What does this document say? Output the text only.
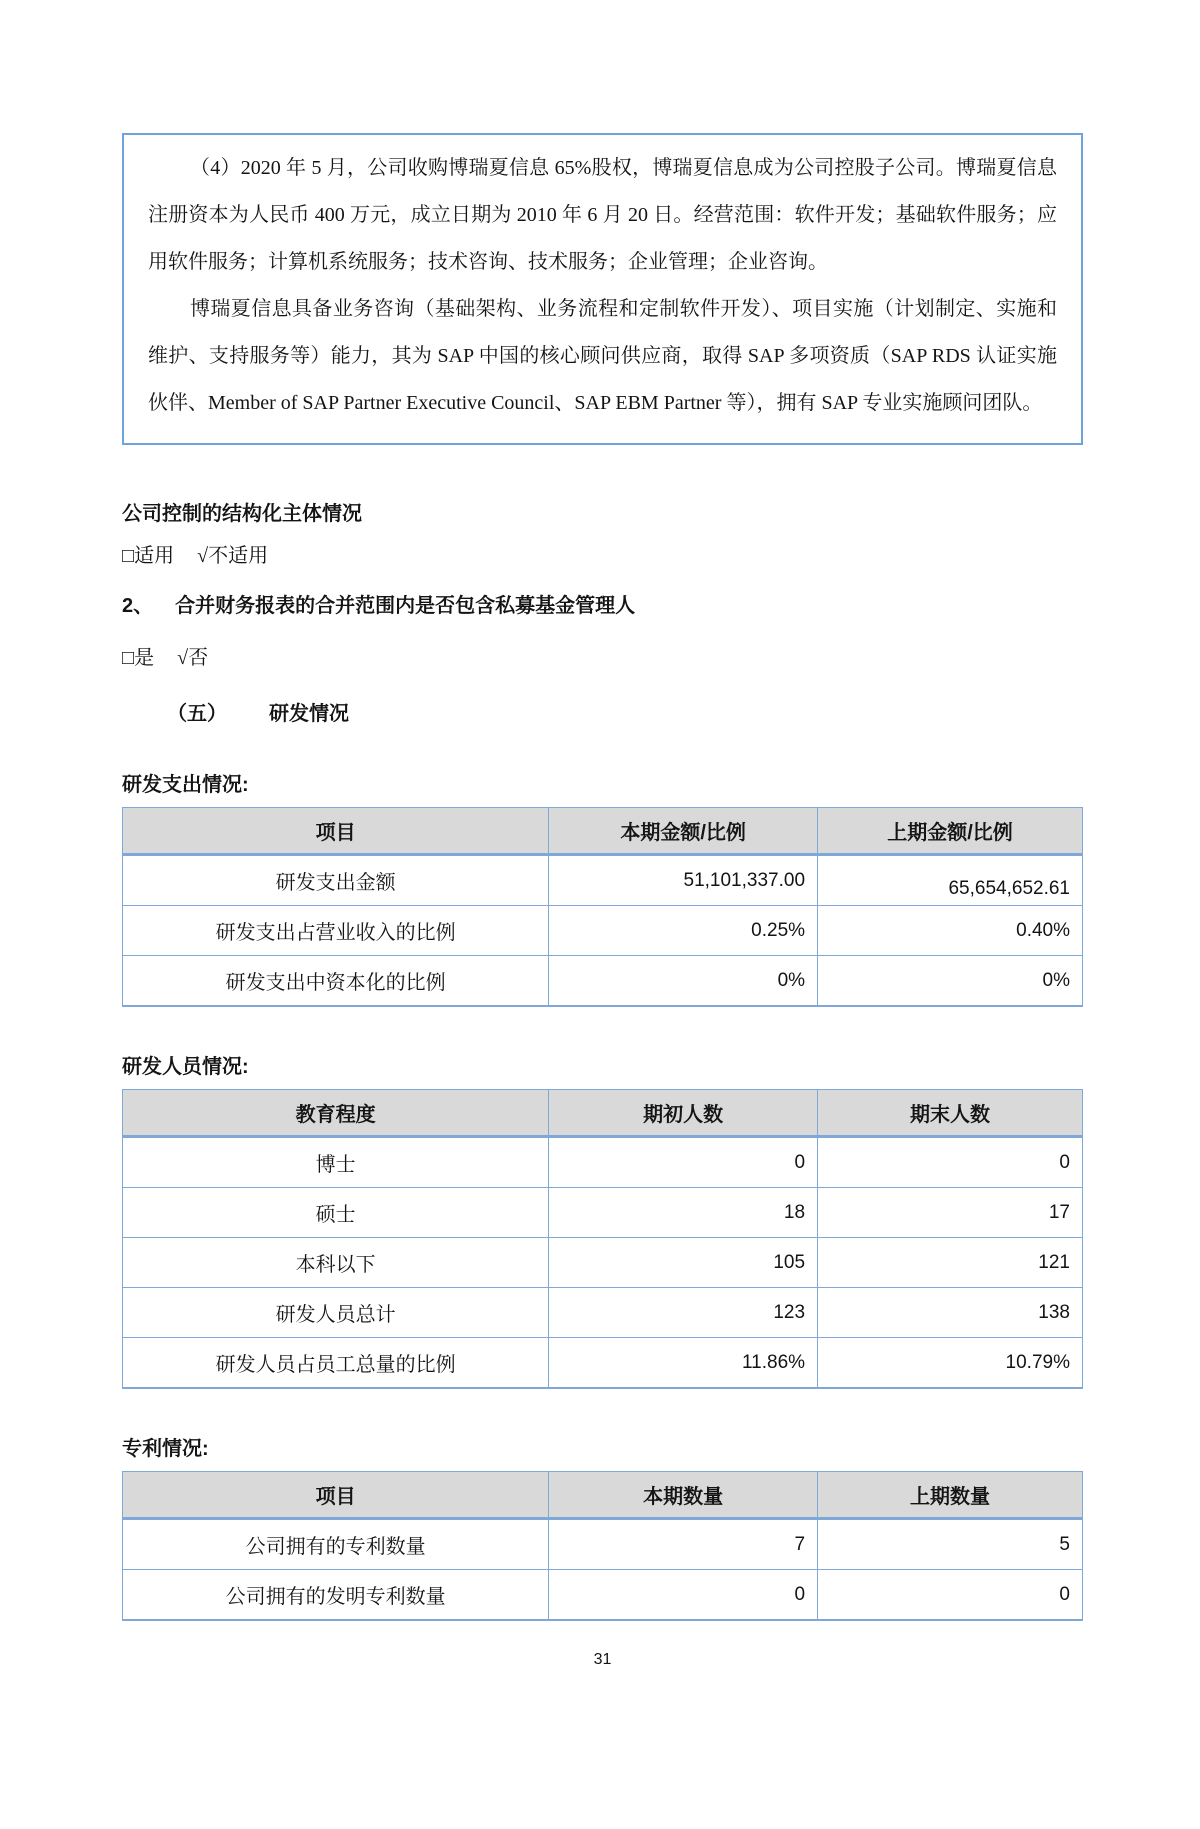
（4）2020 年 5 月，公司收购博瑞夏信息 65%股权，博瑞夏信息成为公司控股子公司。博瑞夏信息注册资本为人民币 400 万元，成立日期为 2010 年 6 月 20 日。经营范围：软件开发；基础软件服务；应用软件服务；计算机系统服务；技术咨询、技术服务；企业管理；企业咨询。

博瑞夏信息具备业务咨询（基础架构、业务流程和定制软件开发）、项目实施（计划制定、实施和维护、支持服务等）能力，其为 SAP 中国的核心顾问供应商，取得 SAP 多项资质（SAP RDS 认证实施伙伴、Member of SAP Partner Executive Council、SAP EBM Partner 等），拥有 SAP 专业实施顾问团队。

公司控制的结构化主体情况
□适用 √不适用
2、 合并财务报表的合并范围内是否包含私募基金管理人
□是 √否
（五） 研发情况
研发支出情况:
项目	本期金额/比例	上期金额/比例
研发支出金额	51,101,337.00	65,654,652.61
研发支出占营业收入的比例	0.25%	0.40%
研发支出中资本化的比例	0%	0%
研发人员情况:
教育程度	期初人数	期末人数
博士	0	0
硕士	18	17
本科以下	105	121
研发人员总计	123	138
研发人员占员工总量的比例	11.86%	10.79%
专利情况:
项目	本期数量	上期数量
公司拥有的专利数量	7	5
公司拥有的发明专利数量	0	0
31
